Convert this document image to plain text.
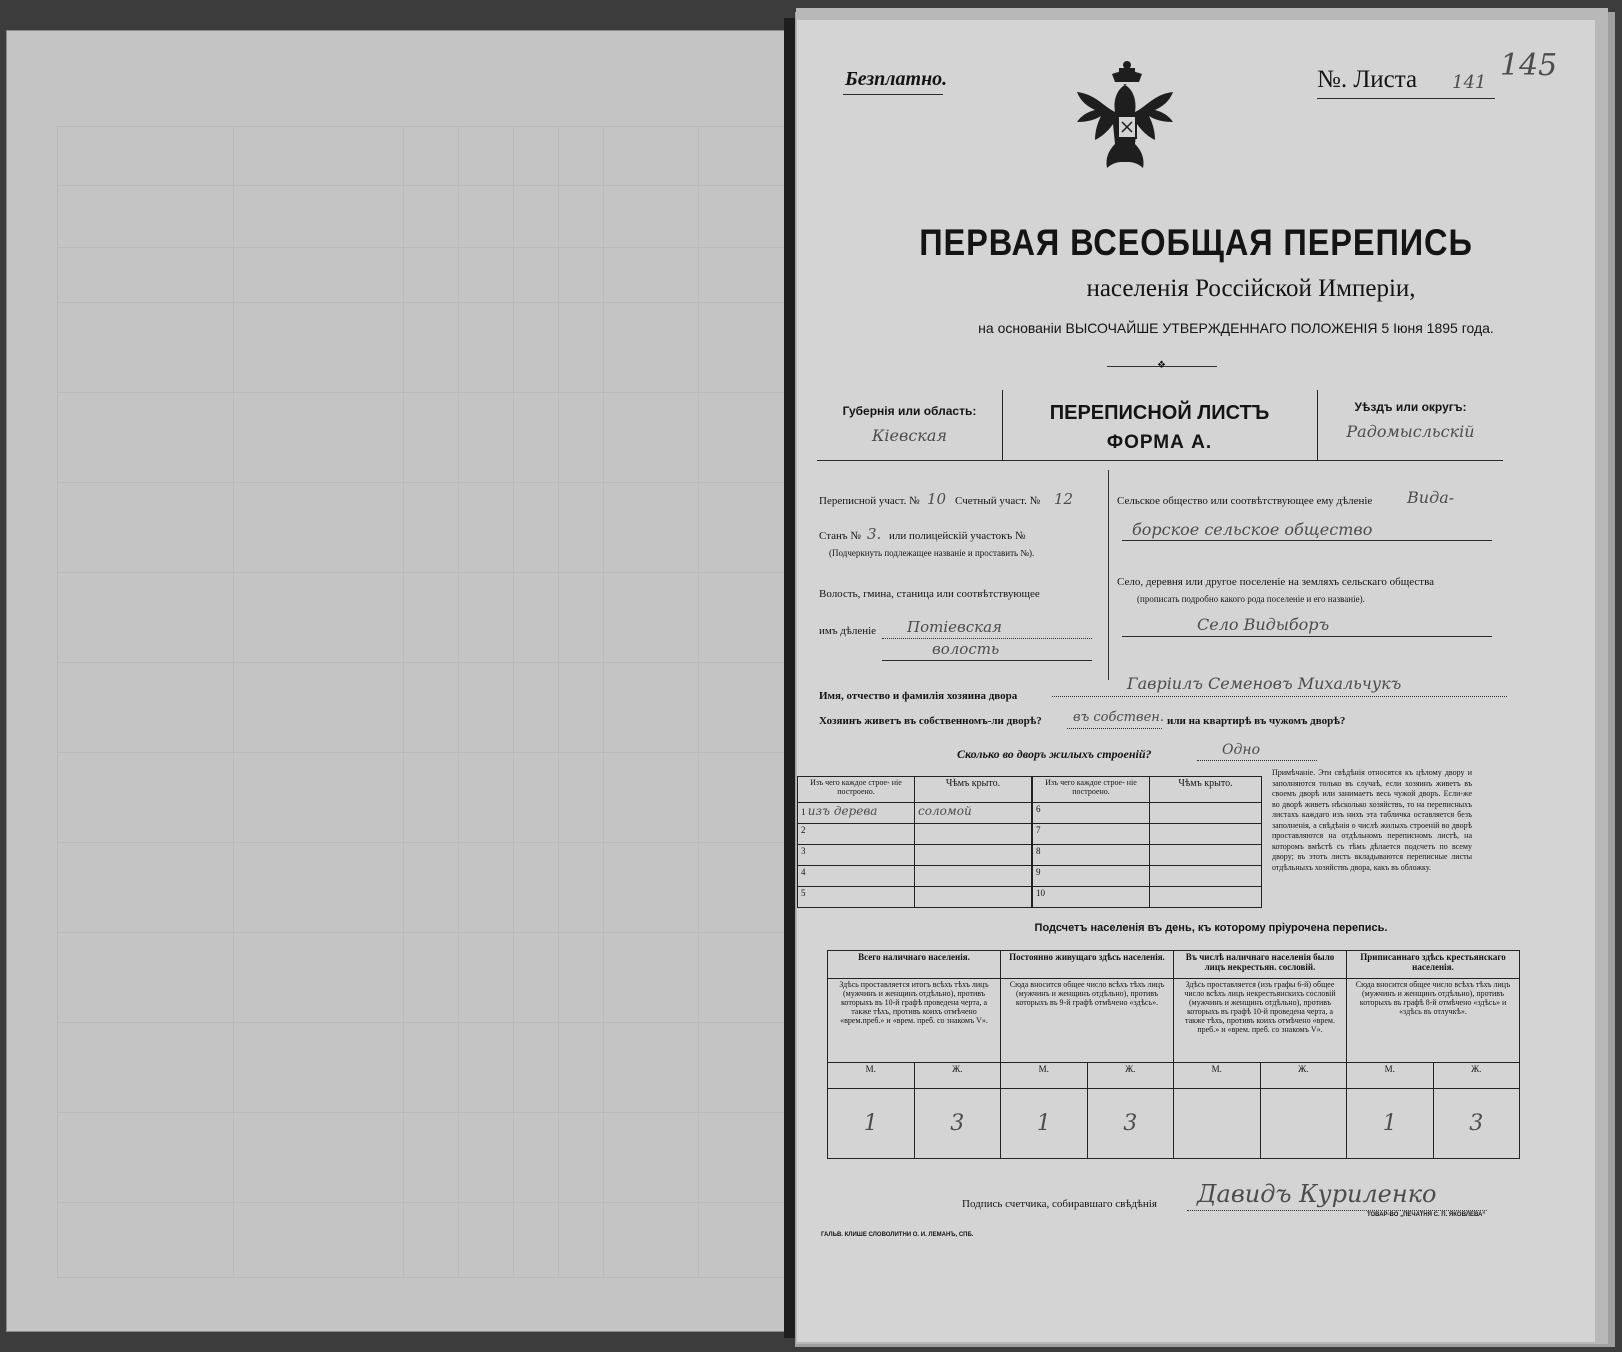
Безплатно.	№. Листа 141 145
ПЕРВАЯ ВСЕОБЩАЯ ПЕРЕПИСЬ
населенія Россійской Имперіи,
на основаніи ВЫСОЧАЙШЕ УТВЕРЖДЕННАГО ПОЛОЖЕНІЯ 5 Іюня 1895 года.
❖
Губернія или область:
Кіевская
ПЕРЕПИСНОЙ ЛИСТЪ
ФОРМА А.
Уѣздъ или округъ:
Радомысльскій
Переписной участ. № 10 Счетный участ. № 12
Станъ № 3. или полицейскій участокъ №
(Подчеркнуть подлежащее названіе и проставить №).
Волость, гмина, станица или соотвѣтствующее
имъ дѣленіе Потіевская
волость
Сельское общество или соотвѣтствующее ему дѣленіе Вида-
борское сельское общество
Село, деревня или другое поселеніе на земляхъ сельскаго общества
(прописать подробно какого рода поселеніе и его названіе).
Село Видыборъ
Имя, отчество и фамилія хозяина двора
Гаврiилъ Семеновъ Михальчукъ
Хозяинъ живетъ въ собственномъ-ли дворѣ? въ собствен. или на квартирѣ въ чужомъ дворѣ?
Сколько во дворъ жилыхъ строеній?	Одно
Изъ чего каждое строе- ніе построено.	Чѣмъ крыто.
1 изъ дерева	соломой
2	
3	
4	
5	
Изъ чего каждое строе- ніе построено.	Чѣмъ крыто.
6	
7	
8	
9	
10	
Примѣчаніе. Эти свѣдѣнія относятся къ цѣлому двору и заполняются только въ случаѣ, если хозяинъ живетъ въ своемъ дворѣ или занимаетъ весь чужой дворъ. Если-же во дворѣ живетъ нѣсколько хозяйствъ, то на переписныхъ листахъ каждаго изъ нихъ эта табличка оставляется безъ заполненія, а свѣдѣнія о числѣ жилыхъ строеній во дворѣ проставляются на отдѣльномъ переписномъ листѣ, на которомъ вмѣстѣ съ тѣмъ дѣлается подсчетъ по всему двору; въ этотъ листъ вкладываются переписные листы отдѣльныхъ хозяйствъ двора, какъ въ обложку.
Подсчетъ населенія въ день, къ которому пріурочена перепись.
Всего наличнаго населенія.		Постоянно живущаго здѣсь населенія.		Въ числѣ наличнаго населенія было лицъ некрестьян. сословій.		Приписаннаго здѣсь крестьянскаго населенія.	
Здѣсь проставляется итогъ всѣхъ тѣхъ лицъ (мужчинъ и женщинъ отдѣльно), противъ которыхъ въ 10-й графѣ проведена черта, а также тѣхъ, противъ коихъ отмѣчено «врем.преб.» и «врем. преб. со знакомъ V».		Сюда вносится общее число всѣхъ тѣхъ лицъ (мужчинъ и женщинъ отдѣльно), противъ которыхъ въ 9-й графѣ отмѣчено «здѣсь».		Здѣсь проставляется (изъ графы 6-й) общее число всѣхъ лицъ некрестьянскихъ сословій (мужчинъ и женщинъ отдѣльно), противъ которыхъ въ графѣ 10-й проведена черта, а также тѣхъ, противъ коихъ отмѣчено «врем. преб.» и «врем. преб. со знакомъ V».		Сюда вносится общее число всѣхъ тѣхъ лицъ (мужчинъ и женщинъ отдѣльно), противъ которыхъ въ графѣ 8-й отмѣчено «здѣсь» и «здѣсь въ отлучкѣ».	
М.	Ж.	М.	Ж.	М.	Ж.	М.	Ж.
1	3	1	3			1	3
Подпись счетчика, собиравшаго свѣдѣнія Давидъ Куриленко
ГАЛЬВ. КЛИШЕ СЛОВОЛИТНИ О. И. ЛЕМАНЪ, СПБ.
ТОВАР-ВО „ПЕЧАТНЯ С. П. ЯКОВЛЕВА“
